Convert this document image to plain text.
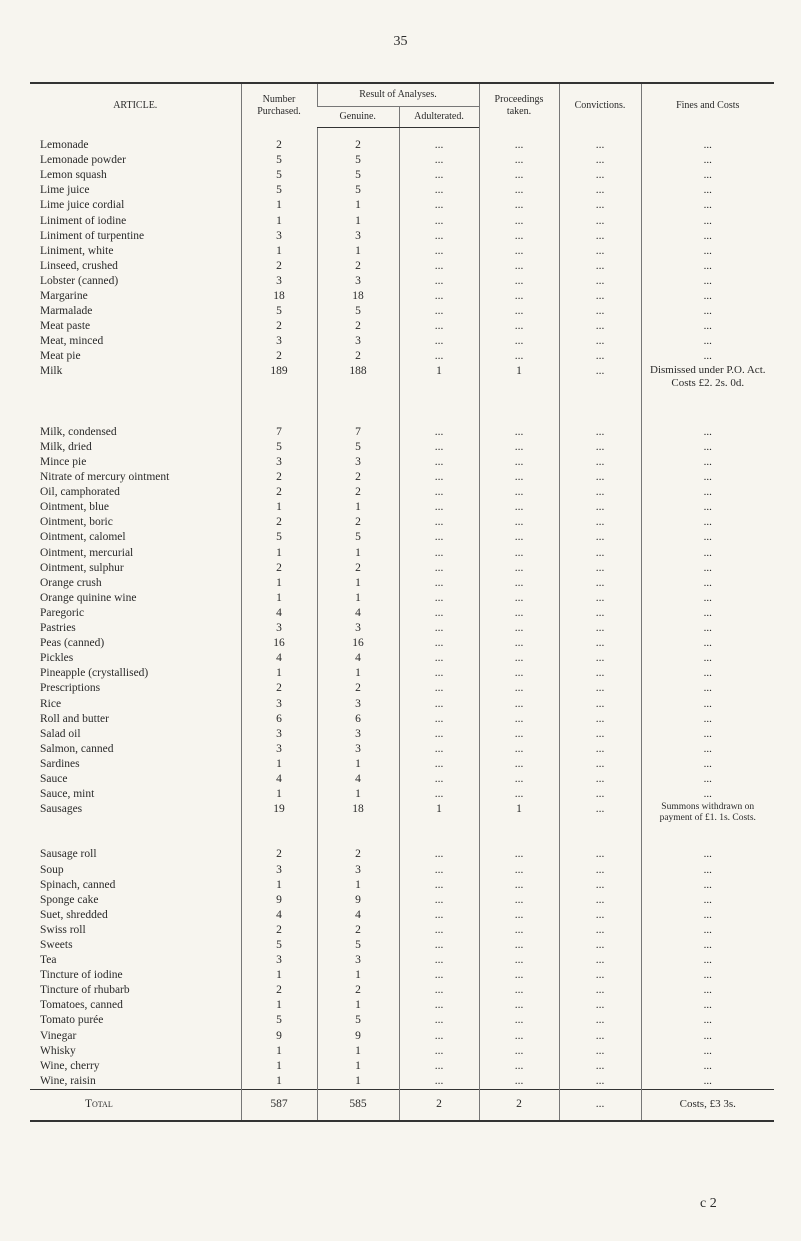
35
ARTICLE.	Number Purchased.	Result of Analyses.		Proceedings taken.	Convictions.	Fines and Costs
		Genuine.	Adulterated.			
Lemonade	2	2	...	...	...	...
Lemonade powder	5	5	...	...	...	...
Lemon squash	5	5	...	...	...	...
Lime juice	5	5	...	...	...	...
Lime juice cordial	1	1	...	...	...	...
Liniment of iodine	1	1	...	...	...	...
Liniment of turpentine	3	3	...	...	...	...
Liniment, white	1	1	...	...	...	...
Linseed, crushed	2	2	...	...	...	...
Lobster (canned)	3	3	...	...	...	...
Margarine	18	18	...	...	...	...
Marmalade	5	5	...	...	...	...
Meat paste	2	2	...	...	...	...
Meat, minced	3	3	...	...	...	...
Meat pie	2	2	...	...	...	...
Milk	189	188	1	1	...	Dismissed under P.O. Act. Costs £2. 2s. 0d.

Milk, condensed	7	7	...	...	...	...
Milk, dried	5	5	...	...	...	...
Mince pie	3	3	...	...	...	...
Nitrate of mercury ointment	2	2	...	...	...	...
Oil, camphorated	2	2	...	...	...	...
Ointment, blue	1	1	...	...	...	...
Ointment, boric	2	2	...	...	...	...
Ointment, calomel	5	5	...	...	...	...
Ointment, mercurial	1	1	...	...	...	...
Ointment, sulphur	2	2	...	...	...	...
Orange crush	1	1	...	...	...	...
Orange quinine wine	1	1	...	...	...	...
Paregoric	4	4	...	...	...	...
Pastries	3	3	...	...	...	...
Peas (canned)	16	16	...	...	...	...
Pickles	4	4	...	...	...	...
Pineapple (crystallised)	1	1	...	...	...	...
Prescriptions	2	2	...	...	...	...
Rice	3	3	...	...	...	...
Roll and butter	6	6	...	...	...	...
Salad oil	3	3	...	...	...	...
Salmon, canned	3	3	...	...	...	...
Sardines	1	1	...	...	...	...
Sauce	4	4	...	...	...	...
Sauce, mint	1	1	...	...	...	...
Sausages	19	18	1	1	...	Summons withdrawn on payment of £1. 1s. Costs.

Sausage roll	2	2	...	...	...	...
Soup	3	3	...	...	...	...
Spinach, canned	1	1	...	...	...	...
Sponge cake	9	9	...	...	...	...
Suet, shredded	4	4	...	...	...	...
Swiss roll	2	2	...	...	...	...
Sweets	5	5	...	...	...	...
Tea	3	3	...	...	...	...
Tincture of iodine	1	1	...	...	...	...
Tincture of rhubarb	2	2	...	...	...	...
Tomatoes, canned	1	1	...	...	...	...
Tomato purée	5	5	...	...	...	...
Vinegar	9	9	...	...	...	...
Whisky	1	1	...	...	...	...
Wine, cherry	1	1	...	...	...	...
Wine, raisin	1	1	...	...	...	...
Total	587	585	2	2	...	Costs, £3 3s.
c 2
